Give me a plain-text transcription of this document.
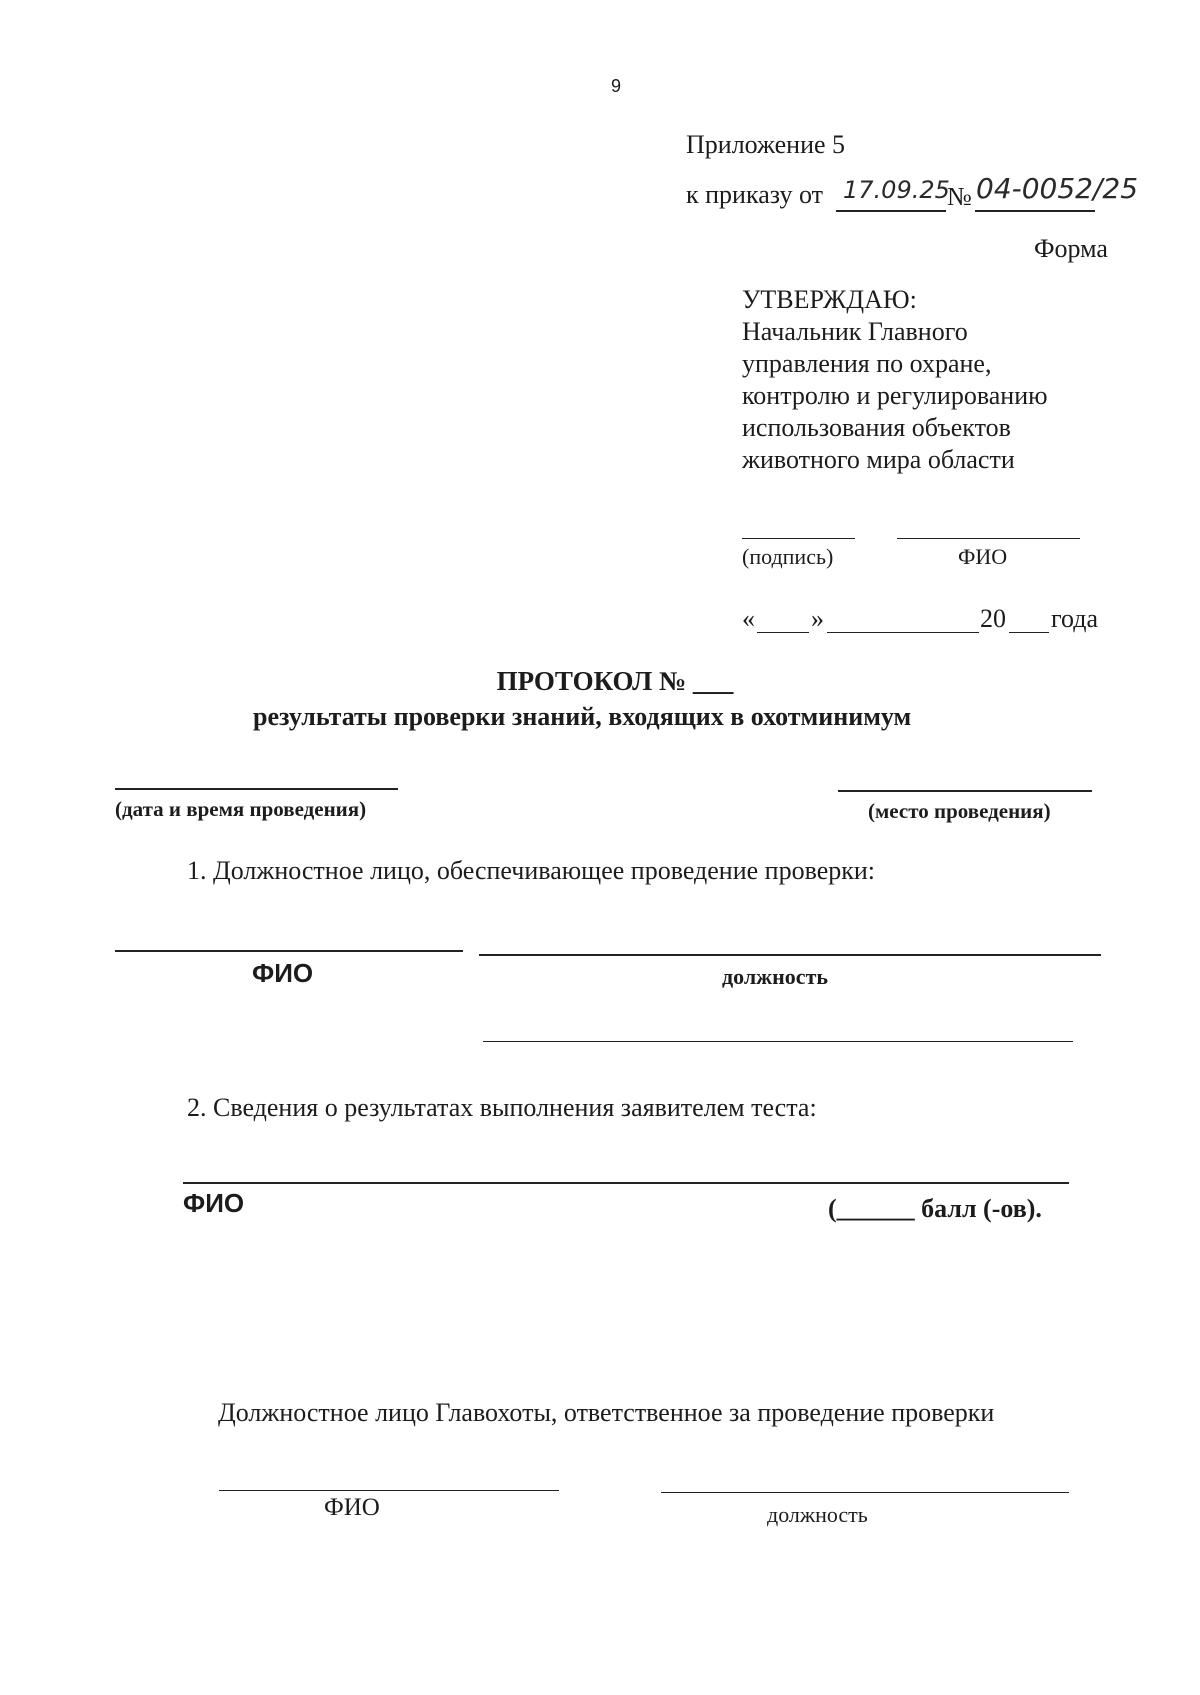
9
Приложение 5
к приказу от 17.09.25
№ 04-0052/25
Форма
УТВЕРЖДАЮ:
Начальник Главного
управления по охране,
контролю и регулированию
использования объектов
животного мира области
(подпись)	ФИО
« »	20 года
ПРОТОКОЛ № ___
результаты проверки знаний, входящих в охотминимум
(дата и время проведения)	(место проведения)
1. Должностное лицо, обеспечивающее проведение проверки:
ФИО	должность
2. Сведения о результатах выполнения заявителем теста:
ФИО	(______ балл (-ов).
Должностное лицо Главохоты, ответственное за проведение проверки
ФИО	должность
